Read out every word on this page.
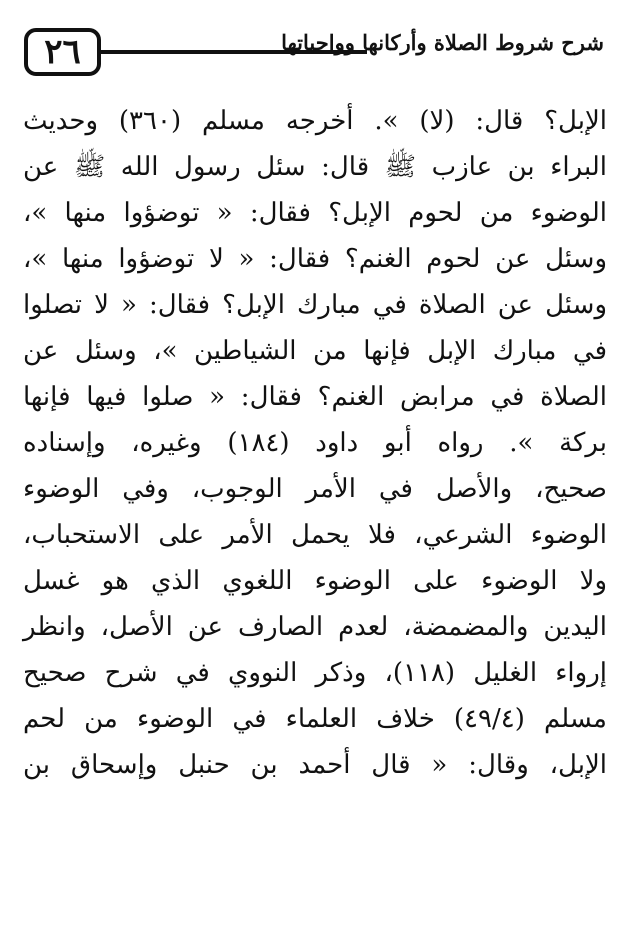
٢٦	شرح شروط الصلاة وأركانها وواجباتها
الإبل؟ قال: (لا) ». أخرجه مسلم (٣٦٠) وحديث
البراء بن عازب ﷺ قال: سئل رسول الله ﷺ عن
الوضوء من لحوم الإبل؟ فقال: « توضؤوا منها »،
وسئل عن لحوم الغنم؟ فقال: « لا توضؤوا منها »،
وسئل عن الصلاة في مبارك الإبل؟ فقال: « لا تصلوا
في مبارك الإبل فإنها من الشياطين »، وسئل عن
الصلاة في مرابض الغنم؟ فقال: « صلوا فيها فإنها
بركة ». رواه أبو داود (١٨٤) وغيره، وإسناده
صحيح، والأصل في الأمر الوجوب، وفي الوضوء
الوضوء الشرعي، فلا يحمل الأمر على الاستحباب،
ولا الوضوء على الوضوء اللغوي الذي هو غسل
اليدين والمضمضة، لعدم الصارف عن الأصل، وانظر
إرواء الغليل (١١٨)، وذكر النووي في شرح صحيح
مسلم (٤٩/٤) خلاف العلماء في الوضوء من لحم
الإبل، وقال: « قال أحمد بن حنبل وإسحاق بن
